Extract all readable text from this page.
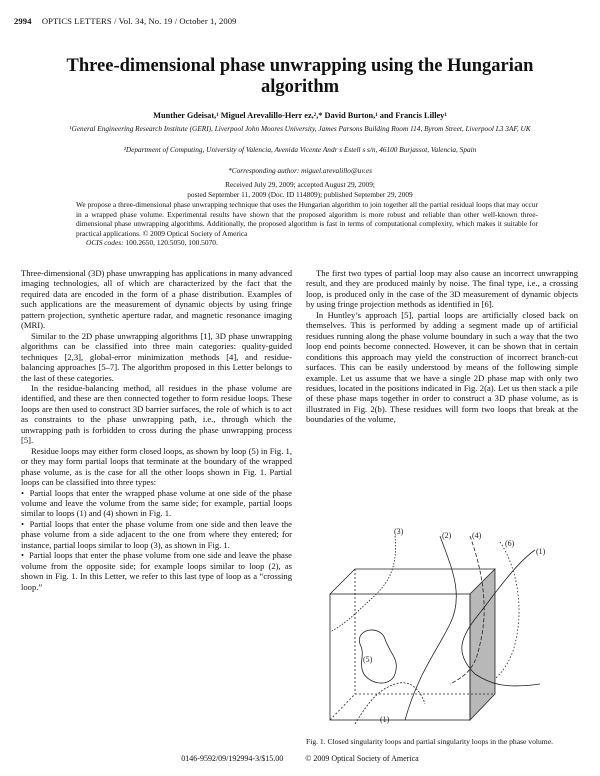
2994 OPTICS LETTERS / Vol. 34, No. 19 / October 1, 2009
Three-dimensional phase unwrapping using the Hungarian algorithm
Munther Gdeisat,¹ Miguel Arevalillo-Herr ez,²,* David Burton,¹ and Francis Lilley¹
¹General Engineering Research Institute (GERI), Liverpool John Moores University, James Parsons Building Room 114, Byrom Street, Liverpool L3 3AF, UK
²Department of Computing, University of Valencia, Avenida Vicente Andr s Estell s s/n, 46100 Burjassot, Valencia, Spain
*Corresponding author: miguel.arevalillo@uv.es
Received July 29, 2009; accepted August 29, 2009;
posted September 11, 2009 (Doc. ID 114809); published September 29, 2009
We propose a three-dimensional phase unwrapping technique that uses the Hungarian algorithm to join together all the partial residual loops that may occur in a wrapped phase volume. Experimental results have shown that the proposed algorithm is more robust and reliable than other well-known three-dimensional phase unwrapping algorithms. Additionally, the proposed algorithm is fast in terms of computational complexity, which makes it suitable for practical applications. © 2009 Optical Society of America
OCIS codes: 100.2650, 120.5050, 100.5070.

Three-dimensional (3D) phase unwrapping has applications in many advanced imaging technologies, all of which are characterized by the fact that the required data are encoded in the form of a phase distribution. Examples of such applications are the measurement of dynamic objects by using fringe pattern projection, synthetic aperture radar, and magnetic resonance imaging (MRI).

Similar to the 2D phase unwrapping algorithms [1], 3D phase unwrapping algorithms can be classified into three main categories: quality-guided techniques [2,3], global-error minimization methods [4], and residue-balancing approaches [5–7]. The algorithm proposed in this Letter belongs to the last of these categories.

In the residue-balancing method, all residues in the phase volume are identified, and these are then connected together to form residue loops. These loops are then used to construct 3D barrier surfaces, the role of which is to act as constraints to the phase unwrapping path, i.e., through which the unwrapping path is forbidden to cross during the phase unwrapping process [5].

Residue loops may either form closed loops, as shown by loop (5) in Fig. 1, or they may form partial loops that terminate at the boundary of the wrapped phase volume, as is the case for all the other loops shown in Fig. 1. Partial loops can be classified into three types:

•  Partial loops that enter the wrapped phase volume at one side of the phase volume and leave the volume from the same side; for example, partial loops similar to loops (1) and (4) shown in Fig. 1.

•  Partial loops that enter the phase volume from one side and then leave the phase volume from a side adjacent to the one from where they entered; for instance, partial loops similar to loop (3), as shown in Fig. 1.

•  Partial loops that enter the phase volume from one side and leave the phase volume from the opposite side; for example loops similar to loop (2), as shown in Fig. 1. In this Letter, we refer to this last type of loop as a “crossing loop.”

The first two types of partial loop may also cause an incorrect unwrapping result, and they are produced mainly by noise. The final type, i.e., a crossing loop, is produced only in the case of the 3D measurement of dynamic objects by using fringe projection methods as identified in [6].

In Huntley’s approach [5], partial loops are artificially closed back on themselves. This is performed by adding a segment made up of artificial residues running along the phase volume boundary in such a way that the two loop end points become connected. However, it can be shown that in certain conditions this approach may yield the construction of incorrect branch-cut surfaces. This can be easily understood by means of the following simple example. Let us assume that we have a single 2D phase map with only two residues, located in the positions indicated in Fig. 2(a). Let us then stack a pile of these phase maps together in order to construct a 3D phase volume, as is illustrated in Fig. 2(b). These residues will form two loops that break at the boundaries of the volume,

(3)	(2)	(4)
(6)
(1)
(5)
(1)
Fig. 1. Closed singularity loops and partial singularity loops in the phase volume.
0146-9592/09/192994-3/$15.00	© 2009 Optical Society of America
